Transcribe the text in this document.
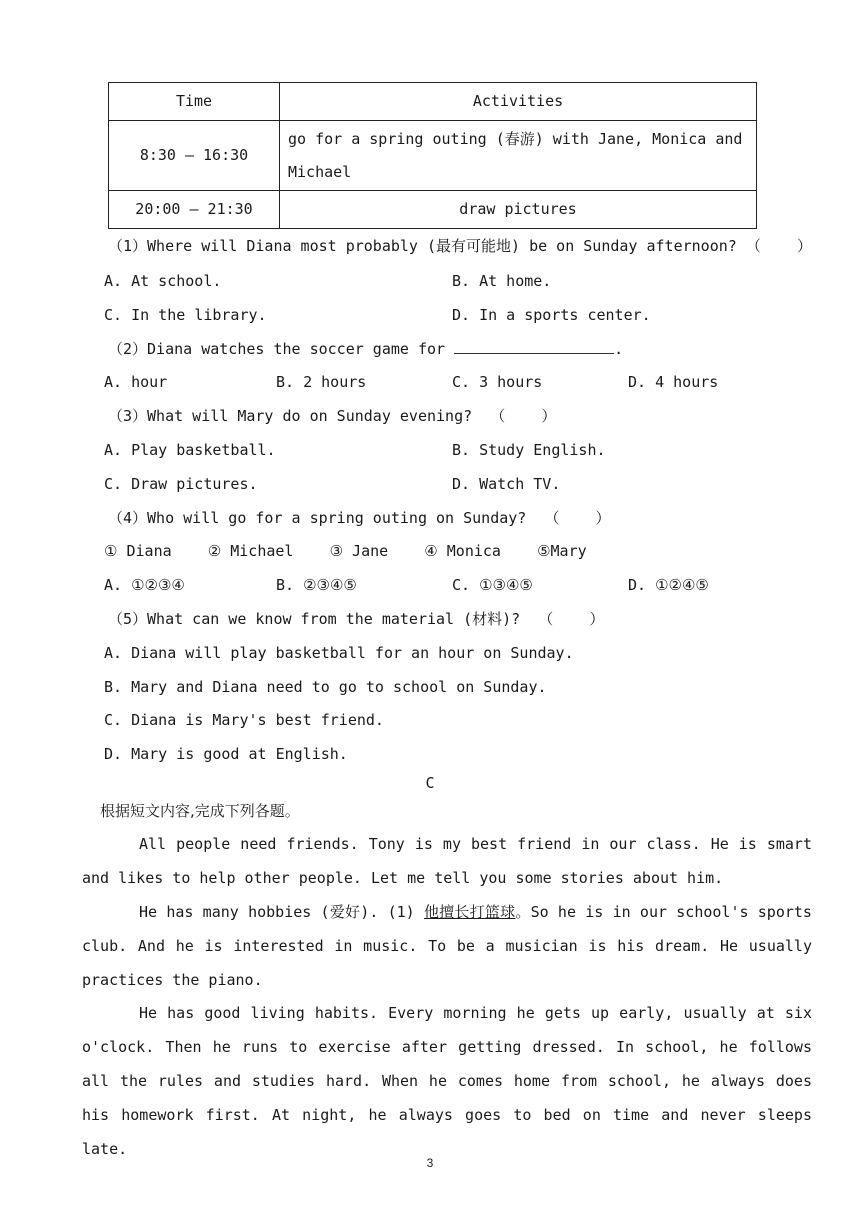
Time	Activities
8:30 — 16:30	go for a spring outing (春游) with Jane, Monica and Michael
20:00 — 21:30	draw pictures
（1）Where will Diana most probably (最有可能地) be on Sunday afternoon? （    ）
A. At school.	B. At home.
C. In the library.	D. In a sports center.
（2）Diana watches the soccer game for	.
A. hour	B. 2 hours	C. 3 hours	D. 4 hours
（3）What will Mary do on Sunday evening?  （    ）
A. Play basketball.	B. Study English.
C. Draw pictures.	D. Watch TV.
（4）Who will go for a spring outing on Sunday?  （    ）
① Diana    ② Michael    ③ Jane    ④ Monica    ⑤Mary
A. ①②③④	B. ②③④⑤	C. ①③④⑤	D. ①②④⑤
（5）What can we know from the material (材料)?  （    ）
A. Diana will play basketball for an hour on Sunday.
B. Mary and Diana need to go to school on Sunday.
C. Diana is Mary's best friend.
D. Mary is good at English.
C
根据短文内容,完成下列各题。
All people need friends. Tony is my best friend in our class. He is smart and likes to help other people. Let me tell you some stories about him.
He has many hobbies (爱好). (1) 他擅长打篮球。So he is in our school's sports club. And he is interested in music. To be a musician is his dream. He usually practices the piano.
He has good living habits. Every morning he gets up early, usually at six o'clock. Then he runs to exercise after getting dressed. In school, he follows all the rules and studies hard. When he comes home from school, he always does his homework first. At night, he always goes to bed on time and never sleeps late.
3
